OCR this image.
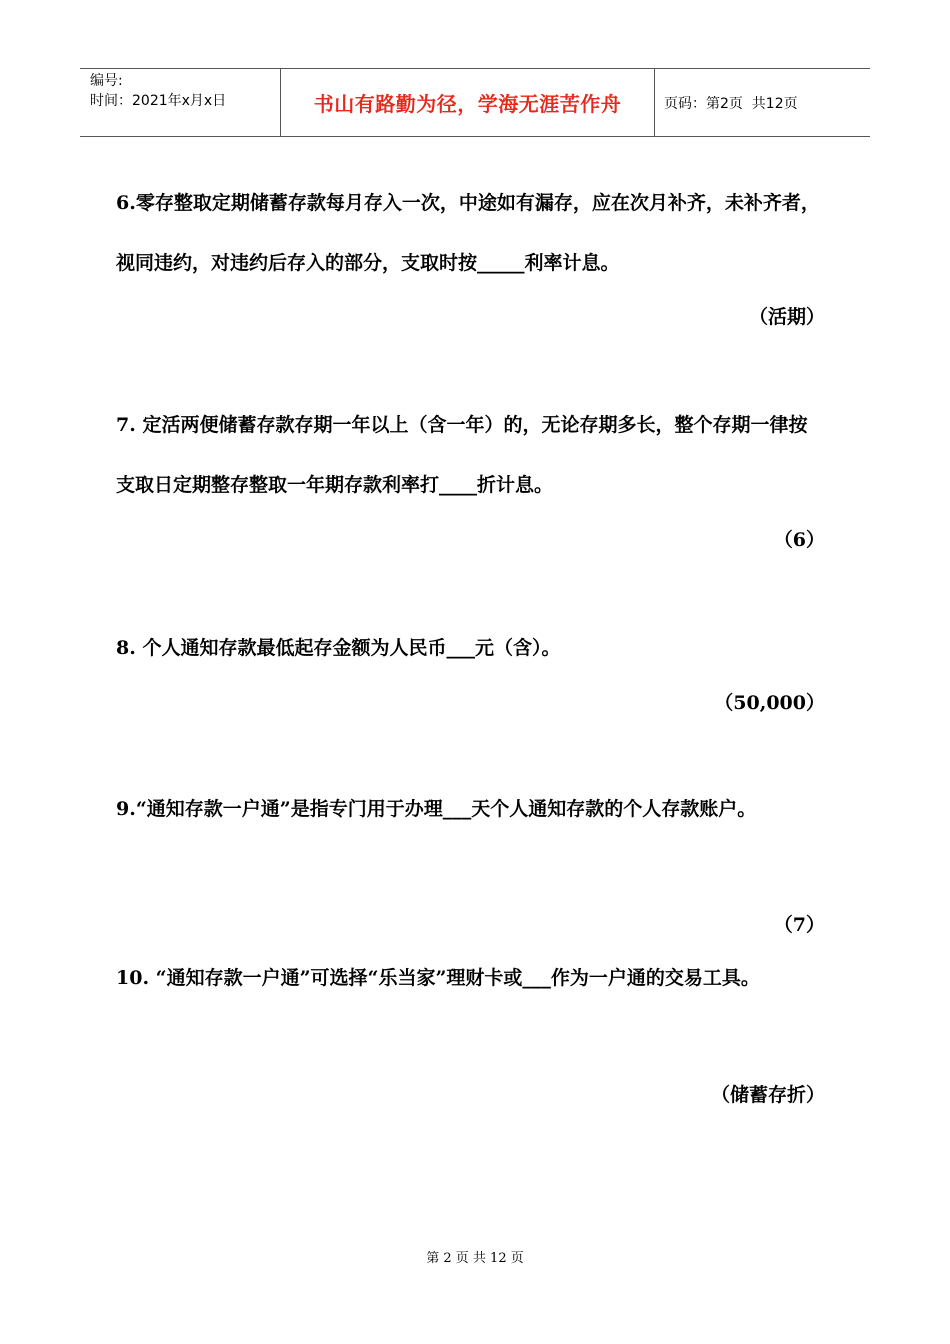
编号:
时间：2021年x月x日	书山有路勤为径，学海无涯苦作舟	页码：第2页  共12页
6.零存整取定期储蓄存款每月存入一次，中途如有漏存，应在次月补齐，未补齐者，视同违约，对违约后存入的部分，支取时按_____利率计息。
（活期）
7. 定活两便储蓄存款存期一年以上（含一年）的，无论存期多长，整个存期一律按支取日定期整存整取一年期存款利率打____折计息。
（6）
8. 个人通知存款最低起存金额为人民币___元（含）。
（50,000）
9.“通知存款一户通”是指专门用于办理___天个人通知存款的个人存款账户。
（7）
10. “通知存款一户通”可选择“乐当家”理财卡或___作为一户通的交易工具。
（储蓄存折）
第 2 页 共 12 页
